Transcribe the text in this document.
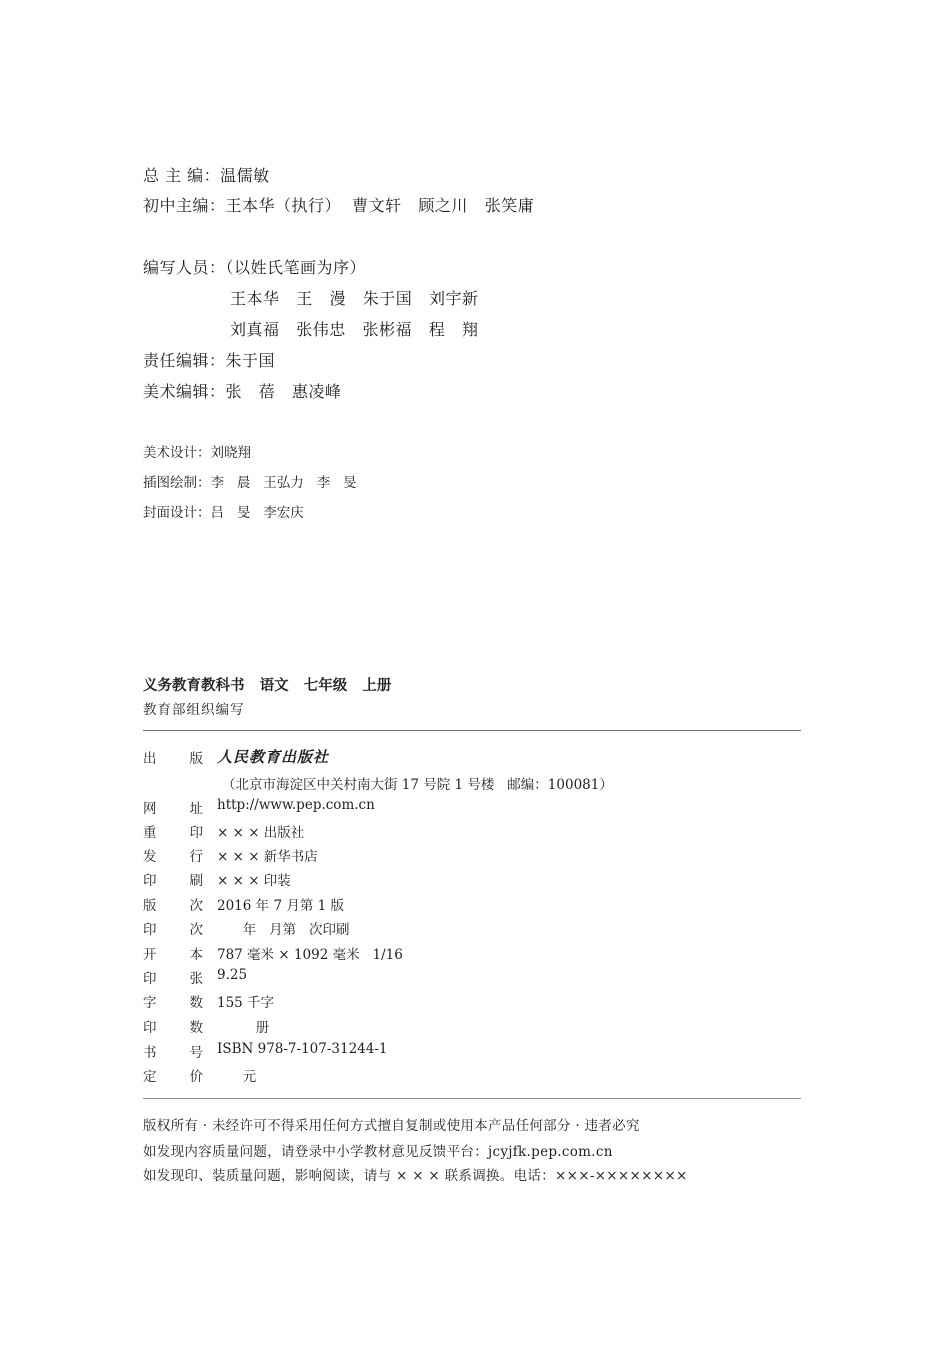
总 主 编：温儒敏
初中主编：王本华（执行）  曹文轩   顾之川   张笑庸
编写人员：（以姓氏笔画为序）
王本华   王   漫   朱于国   刘宇新
刘真福   张伟忠   张彬福   程   翔
责任编辑：朱于国
美术编辑：张   蓓   惠凌峰
美术设计：刘晓翔
插图绘制：李   晨   王弘力   李   旻
封面设计：吕   旻   李宏庆
义务教育教科书   语文   七年级   上册
教育部组织编写
出 版
（北京市海淀区中关村南大街 17 号院 1 号楼   邮编：100081）
网 址 http://www.pep.com.cn
重 印 × × × 出版社
发 行 × × × 新华书店
印 刷 × × × 印装
版 次 2016 年 7 月第 1 版
印 次 年   月第   次印刷
开 本 787 毫米 × 1092 毫米   1/16
印 张 9.25
字 数 155 千字
印 数 册
书 号 ISBN 978-7-107-31244-1
定 价 元
人民教育出版社
版权所有 · 未经许可不得采用任何方式擅自复制或使用本产品任何部分 · 违者必究
如发现内容质量问题，请登录中小学教材意见反馈平台：jcyjfk.pep.com.cn
如发现印、装质量问题，影响阅读，请与 × × × 联系调换。电话：×××-××××××××
